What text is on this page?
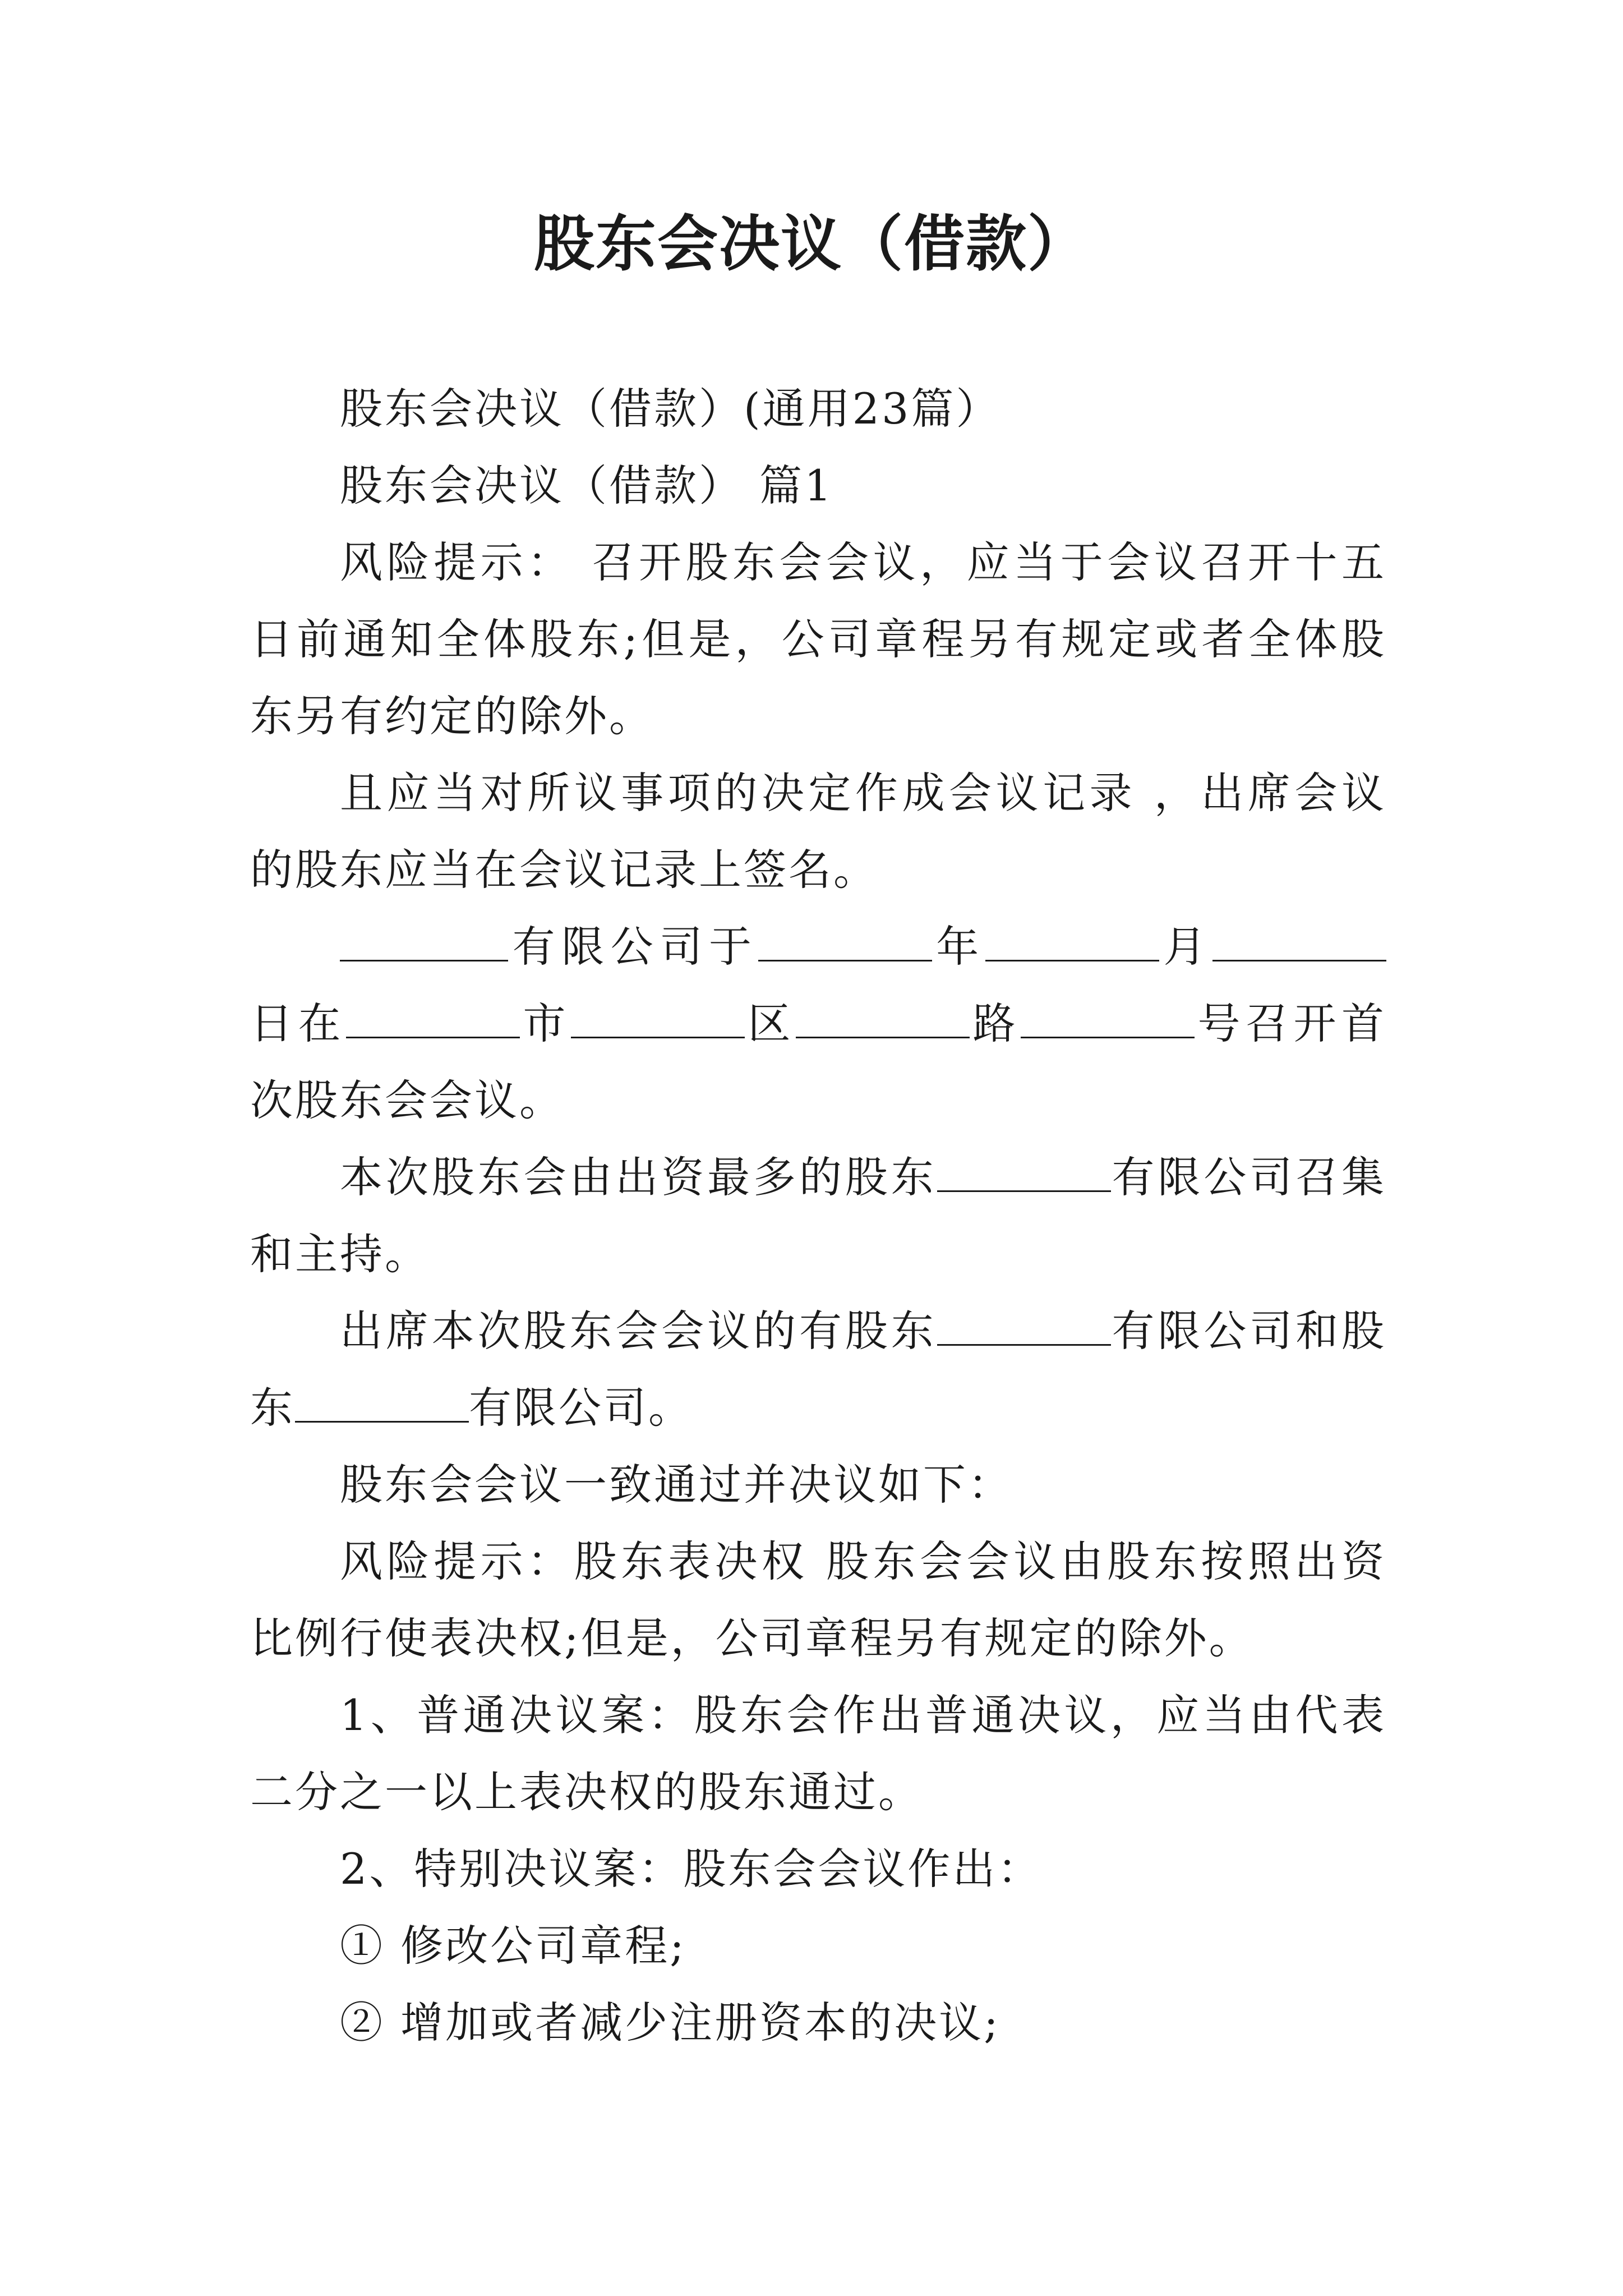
股东会决议（借款）

股东会决议（借款）(通用23篇）

股东会决议（借款） 篇1

风险提示： 召开股东会会议，应当于会议召开十五日前通知全体股东;但是，公司章程另有规定或者全体股东另有约定的除外。

且应当对所议事项的决定作成会议记录 ，出席会议的股东应当在会议记录上签名。

有限公司于	年	月日在	市	区	路	号召开首次股东会会议。

本次股东会由出资最多的股东	有限公司召集和主持。

出席本次股东会会议的有股东	有限公司和股东	有限公司。

股东会会议一致通过并决议如下：

风险提示：股东表决权 股东会会议由股东按照出资比例行使表决权;但是，公司章程另有规定的除外。

1、普通决议案：股东会作出普通决议，应当由代表二分之一以上表决权的股东通过。

2、特别决议案：股东会会议作出：

① 修改公司章程;

② 增加或者减少注册资本的决议;
